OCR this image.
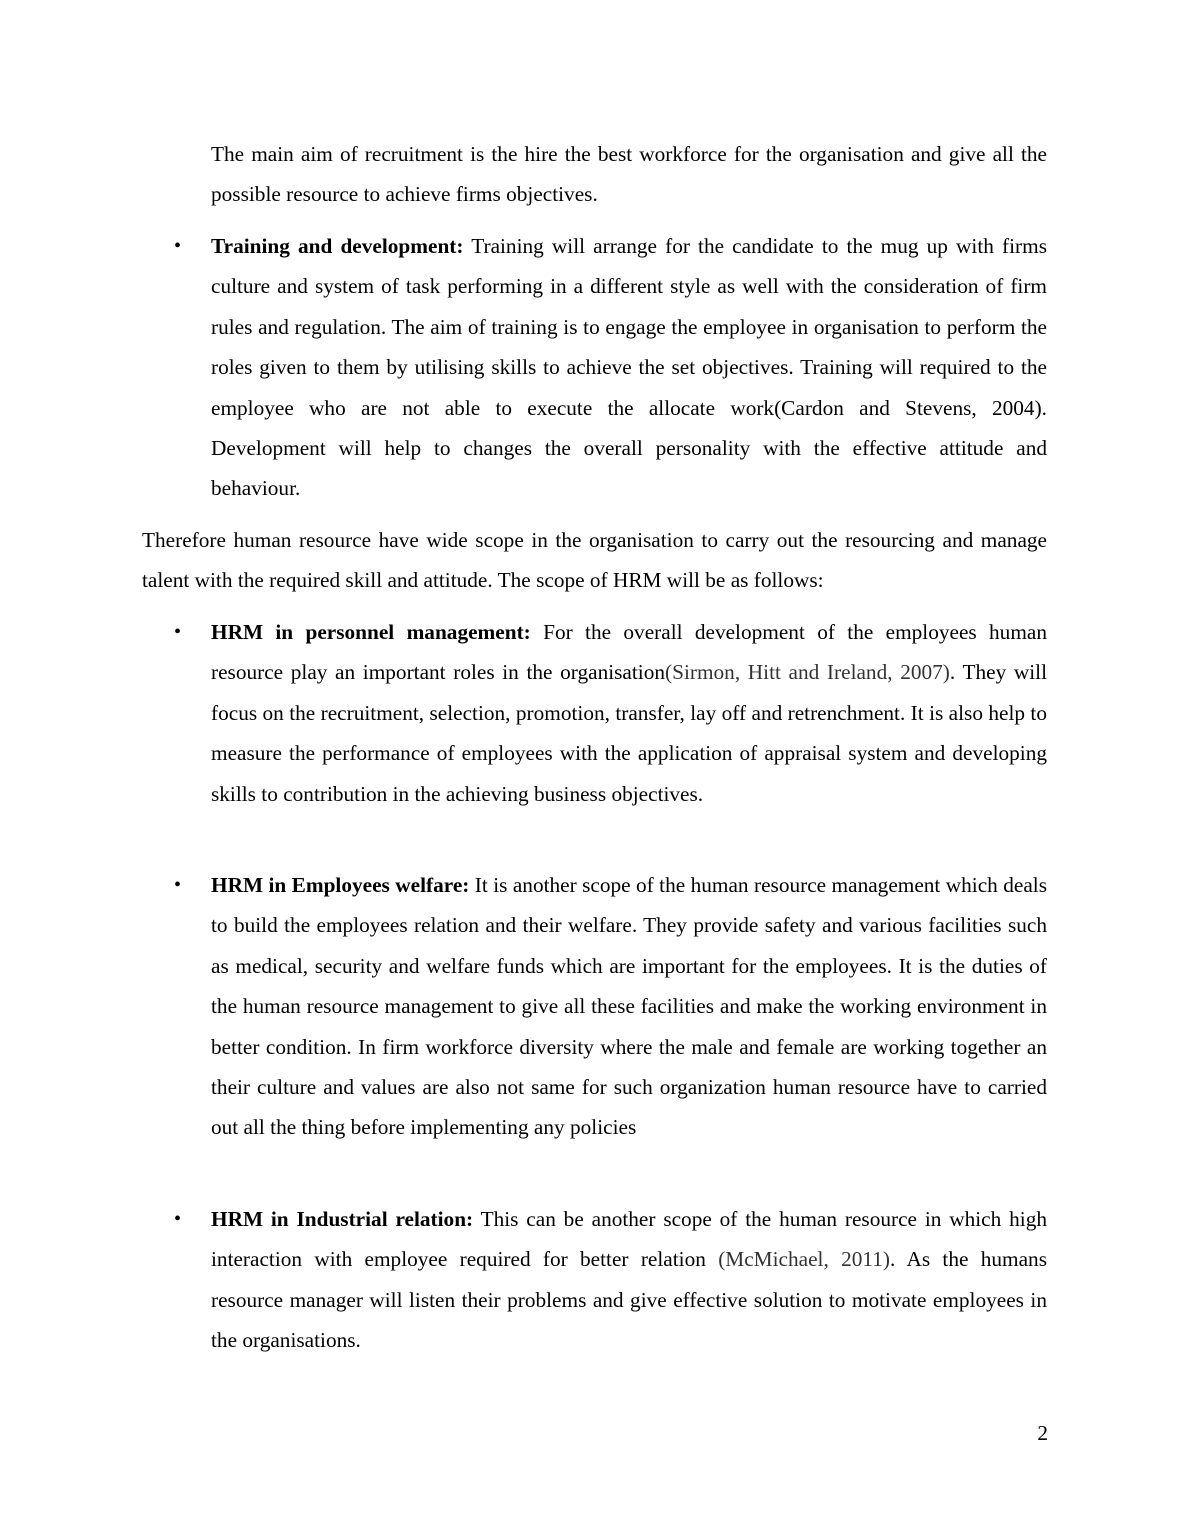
The main aim of recruitment is the hire the best workforce for the organisation and give all the possible resource to achieve firms objectives.

• Training and development: Training will arrange for the candidate to the mug up with firms culture and system of task performing in a different style as well with the consideration of firm rules and regulation. The aim of training is to engage the employee in organisation to perform the roles given to them by utilising skills to achieve the set objectives. Training will required to the employee who are not able to execute the allocate work(Cardon and Stevens, 2004). Development will help to changes the overall personality with the effective attitude and behaviour.

Therefore human resource have wide scope in the organisation to carry out the resourcing and manage talent with the required skill and attitude. The scope of HRM will be as follows:

• HRM in personnel management: For the overall development of the employees human resource play an important roles in the organisation(Sirmon, Hitt and Ireland, 2007). They will focus on the recruitment, selection, promotion, transfer, lay off and retrenchment. It is also help to measure the performance of employees with the application of appraisal system and developing skills to contribution in the achieving business objectives.

• HRM in Employees welfare: It is another scope of the human resource management which deals to build the employees relation and their welfare. They provide safety and various facilities such as medical, security and welfare funds which are important for the employees. It is the duties of the human resource management to give all these facilities and make the working environment in better condition. In firm workforce diversity where the male and female are working together an their culture and values are also not same for such organization human resource have to carried out all the thing before implementing any policies

• HRM in Industrial relation: This can be another scope of the human resource in which high interaction with employee required for better relation (McMichael, 2011). As the humans resource manager will listen their problems and give effective solution to motivate employees in the organisations.

2
